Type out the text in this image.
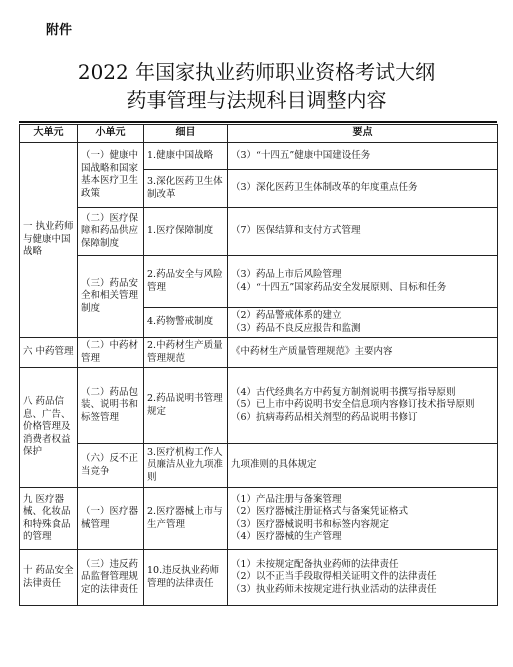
附件
2022 年国家执业药师职业资格考试大纲
药事管理与法规科目调整内容
大单元	小单元	细目	要点
一 执业药师与健康中国战略	（一）健康中国战略和国家基本医疗卫生政策	1.健康中国战略	（3）“十四五”健康中国建设任务
		3.深化医药卫生体制改革	（3）深化医药卫生体制改革的年度重点任务
	（二）医疗保障和药品供应保障制度	1.医疗保障制度	（7）医保结算和支付方式管理
	（三）药品安全和相关管理制度	2.药品安全与风险管理	（3）药品上市后风险管理
（4）“十四五”国家药品安全发展原则、目标和任务
		4.药物警戒制度	（2）药品警戒体系的建立
（3）药品不良反应报告和监测
六 中药管理	（二）中药材管理	2.中药材生产质量管理规范	《中药材生产质量管理规范》主要内容
八 药品信息、广告、价格管理及消费者权益保护	（二）药品包装、说明书和标签管理	2.药品说明书管理规定	（4）古代经典名方中药复方制剂说明书撰写指导原则
（5）已上市中药说明书安全信息项内容修订技术指导原则
（6）抗病毒药品相关剂型的药品说明书修订
	（六）反不正当竞争	3.医疗机构工作人员廉洁从业九项准则	九项准则的具体规定
九 医疗器械、化妆品和特殊食品的管理	（一）医疗器械管理	2.医疗器械上市与生产管理	（1）产品注册与备案管理
（2）医疗器械注册证格式与备案凭证格式
（3）医疗器械说明书和标签内容规定
（4）医疗器械的生产管理
十 药品安全法律责任	（三）违反药品监督管理规定的法律责任	10.违反执业药师管理的法律责任	（1）未按规定配备执业药师的法律责任
（2）以不正当手段取得相关证明文件的法律责任
（3）执业药师未按规定进行执业活动的法律责任
